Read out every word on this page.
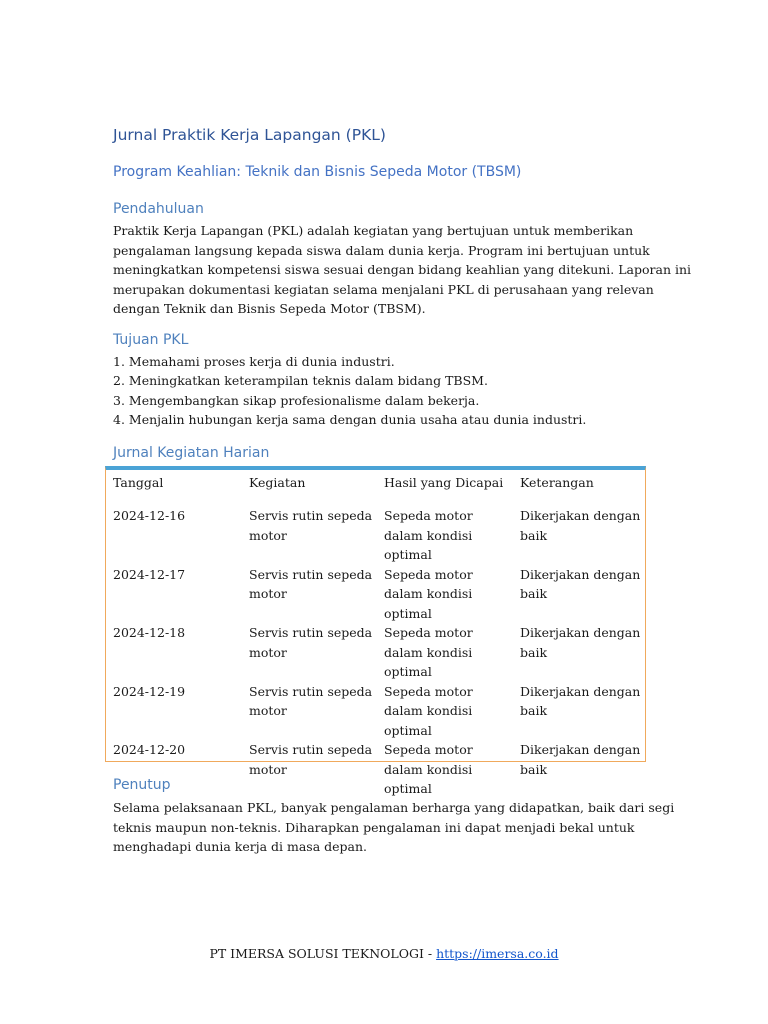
Jurnal Praktik Kerja Lapangan (PKL)
Program Keahlian: Teknik dan Bisnis Sepeda Motor (TBSM)
Pendahuluan

Praktik Kerja Lapangan (PKL) adalah kegiatan yang bertujuan untuk memberikan

pengalaman langsung kepada siswa dalam dunia kerja. Program ini bertujuan untuk

meningkatkan kompetensi siswa sesuai dengan bidang keahlian yang ditekuni. Laporan ini

merupakan dokumentasi kegiatan selama menjalani PKL di perusahaan yang relevan

dengan Teknik dan Bisnis Sepeda Motor (TBSM).

Tujuan PKL
1. Memahami proses kerja di dunia industri.
2. Meningkatkan keterampilan teknis dalam bidang TBSM.
3. Mengembangkan sikap profesionalisme dalam bekerja.
4. Menjalin hubungan kerja sama dengan dunia usaha atau dunia industri.
Jurnal Kegiatan Harian
Tanggal	Kegiatan	Hasil yang Dicapai	Keterangan
2024-12-16	Servis rutin sepeda motor	Sepeda motor dalam kondisi optimal	Dikerjakan dengan baik
2024-12-17	Servis rutin sepeda motor	Sepeda motor dalam kondisi optimal	Dikerjakan dengan baik
2024-12-18	Servis rutin sepeda motor	Sepeda motor dalam kondisi optimal	Dikerjakan dengan baik
2024-12-19	Servis rutin sepeda motor	Sepeda motor dalam kondisi optimal	Dikerjakan dengan baik
2024-12-20	Servis rutin sepeda motor	Sepeda motor dalam kondisi optimal	Dikerjakan dengan baik
Penutup

Selama pelaksanaan PKL, banyak pengalaman berharga yang didapatkan, baik dari segi

teknis maupun non-teknis. Diharapkan pengalaman ini dapat menjadi bekal untuk

menghadapi dunia kerja di masa depan.

PT IMERSA SOLUSI TEKNOLOGI - https://imersa.co.id
